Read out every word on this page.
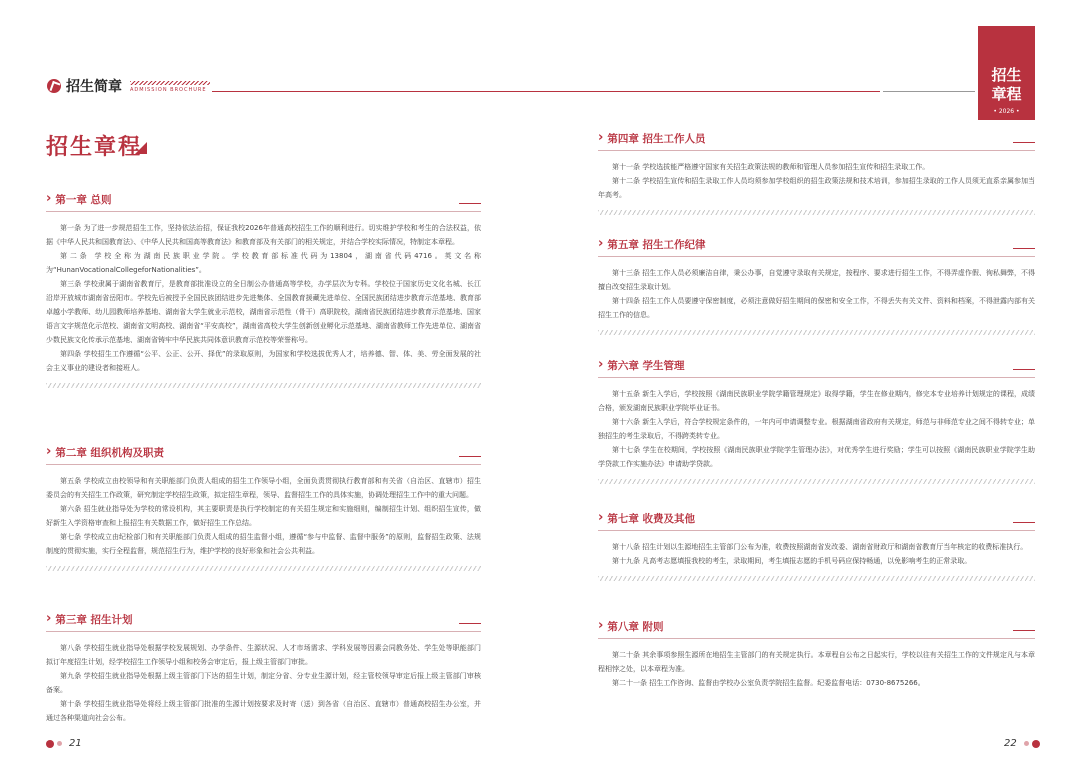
招生简章 ADMISSION BROCHURE
招生
章程
• 2026 •
招生章程
› 第一章 总则

第一条 为了进一步规范招生工作，坚持依法治招，保证我校2026年普通高校招生工作的顺利进行。切实维护学校和考生的合法权益，依据《中华人民共和国教育法》、《中华人民共和国高等教育法》和教育部及有关部门的相关规定，并结合学校实际情况，特制定本章程。

第二条 学校全称为湖南民族职业学院。学校教育部标准代码为13804，湖南省代码4716。英文名称为“HunanVocationalCollegeforNationalities”。

第三条 学校隶属于湖南省教育厅，是教育部批准设立的全日制公办普通高等学校，办学层次为专科。学校位于国家历史文化名城、长江沿岸开放城市湖南省岳阳市。学校先后被授予全国民族团结进步先进集体、全国教育援藏先进单位、全国民族团结进步教育示范基地、教育部卓越小学教师、幼儿园教师培养基地、湖南省大学生就业示范校，湖南省示范性（骨干）高职院校，湖南省民族团结进步教育示范基地、国家语言文字规范化示范校、湖南省文明高校、湖南省“平安高校”，湖南省高校大学生创新创业孵化示范基地、湖南省教师工作先进单位、湖南省少数民族文化传承示范基地、湖南省铸牢中华民族共同体意识教育示范校等荣誉称号。

第四条 学校招生工作遵循“公平、公正、公开、择优”的录取原则，为国家和学校选拔优秀人才，培养德、智、体、美、劳全面发展的社会主义事业的建设者和接班人。

› 第二章 组织机构及职责

第五条 学校成立由校领导和有关职能部门负责人组成的招生工作领导小组，全面负责贯彻执行教育部和有关省（自治区、直辖市）招生委员会的有关招生工作政策，研究制定学校招生政策，拟定招生章程，领导、监督招生工作的具体实施，协调处理招生工作中的重大问题。

第六条 招生就业指导处为学校的常设机构，其主要职责是执行学校制定的有关招生规定和实施细则，编制招生计划、组织招生宣传，做好新生入学资格审查和上报招生有关数据工作，做好招生工作总结。

第七条 学校成立由纪检部门和有关职能部门负责人组成的招生监督小组，遵循“参与中监督、监督中服务”的原则，监督招生政策、法规制度的贯彻实施，实行全程监督，规范招生行为，维护学校的良好形象和社会公共利益。

› 第三章 招生计划

第八条 学校招生就业指导处根据学校发展规划、办学条件、生源状况、人才市场需求、学科发展等因素会同教务处、学生处等职能部门拟订年度招生计划，经学校招生工作领导小组和校务会审定后，报上级主管部门审批。

第九条 学校招生就业指导处根据上级主管部门下达的招生计划，制定分省、分专业生源计划，经主管校领导审定后报上级主管部门审核备案。

第十条 学校招生就业指导处将经上级主管部门批准的生源计划按要求及时寄（送）到各省（自治区、直辖市）普通高校招生办公室，并通过各种渠道向社会公布。

› 第四章 招生工作人员

第十一条 学校选拔能严格遵守国家有关招生政策法规的教师和管理人员参加招生宣传和招生录取工作。

第十二条 学校招生宣传和招生录取工作人员均须参加学校组织的招生政策法规和技术培训，参加招生录取的工作人员须无直系亲属参加当年高考。

› 第五章 招生工作纪律

第十三条 招生工作人员必须廉洁自律，秉公办事，自觉遵守录取有关规定，按程序、要求进行招生工作，不得弄虚作假、徇私舞弊，不得擅自改变招生录取计划。

第十四条 招生工作人员要遵守保密制度，必须注意做好招生期间的保密和安全工作，不得丢失有关文件、资料和档案，不得泄露内部有关招生工作的信息。

› 第六章 学生管理

第十五条 新生入学后，学校按照《湖南民族职业学院学籍管理规定》取得学籍，学生在修业期内，修完本专业培养计划规定的课程，成绩合格，颁发湖南民族职业学院毕业证书。

第十六条 新生入学后，符合学校规定条件的，一年内可申请调整专业。根据湖南省政府有关规定，师范与非师范专业之间不得转专业；单独招生的考生录取后，不得跨类转专业。

第十七条 学生在校期间，学校按照《湖南民族职业学院学生管理办法》，对优秀学生进行奖励；学生可以按照《湖南民族职业学院学生助学贷款工作实施办法》申请助学贷款。

› 第七章 收费及其他

第十八条 招生计划以生源地招生主管部门公布为准，收费按照湖南省发改委、湖南省财政厅和湖南省教育厅当年核定的收费标准执行。

第十九条 凡高考志愿填报我校的考生，录取期间，考生填报志愿的手机号码应保持畅通，以免影响考生的正常录取。

› 第八章 附则

第二十条 其余事项参照生源所在地招生主管部门的有关规定执行。本章程自公布之日起实行，学校以往有关招生工作的文件规定凡与本章程相悖之处，以本章程为准。

第二十一条 招生工作咨询、监督由学校办公室负责学院招生监督。纪委监督电话：0730-8675266。

21	22
